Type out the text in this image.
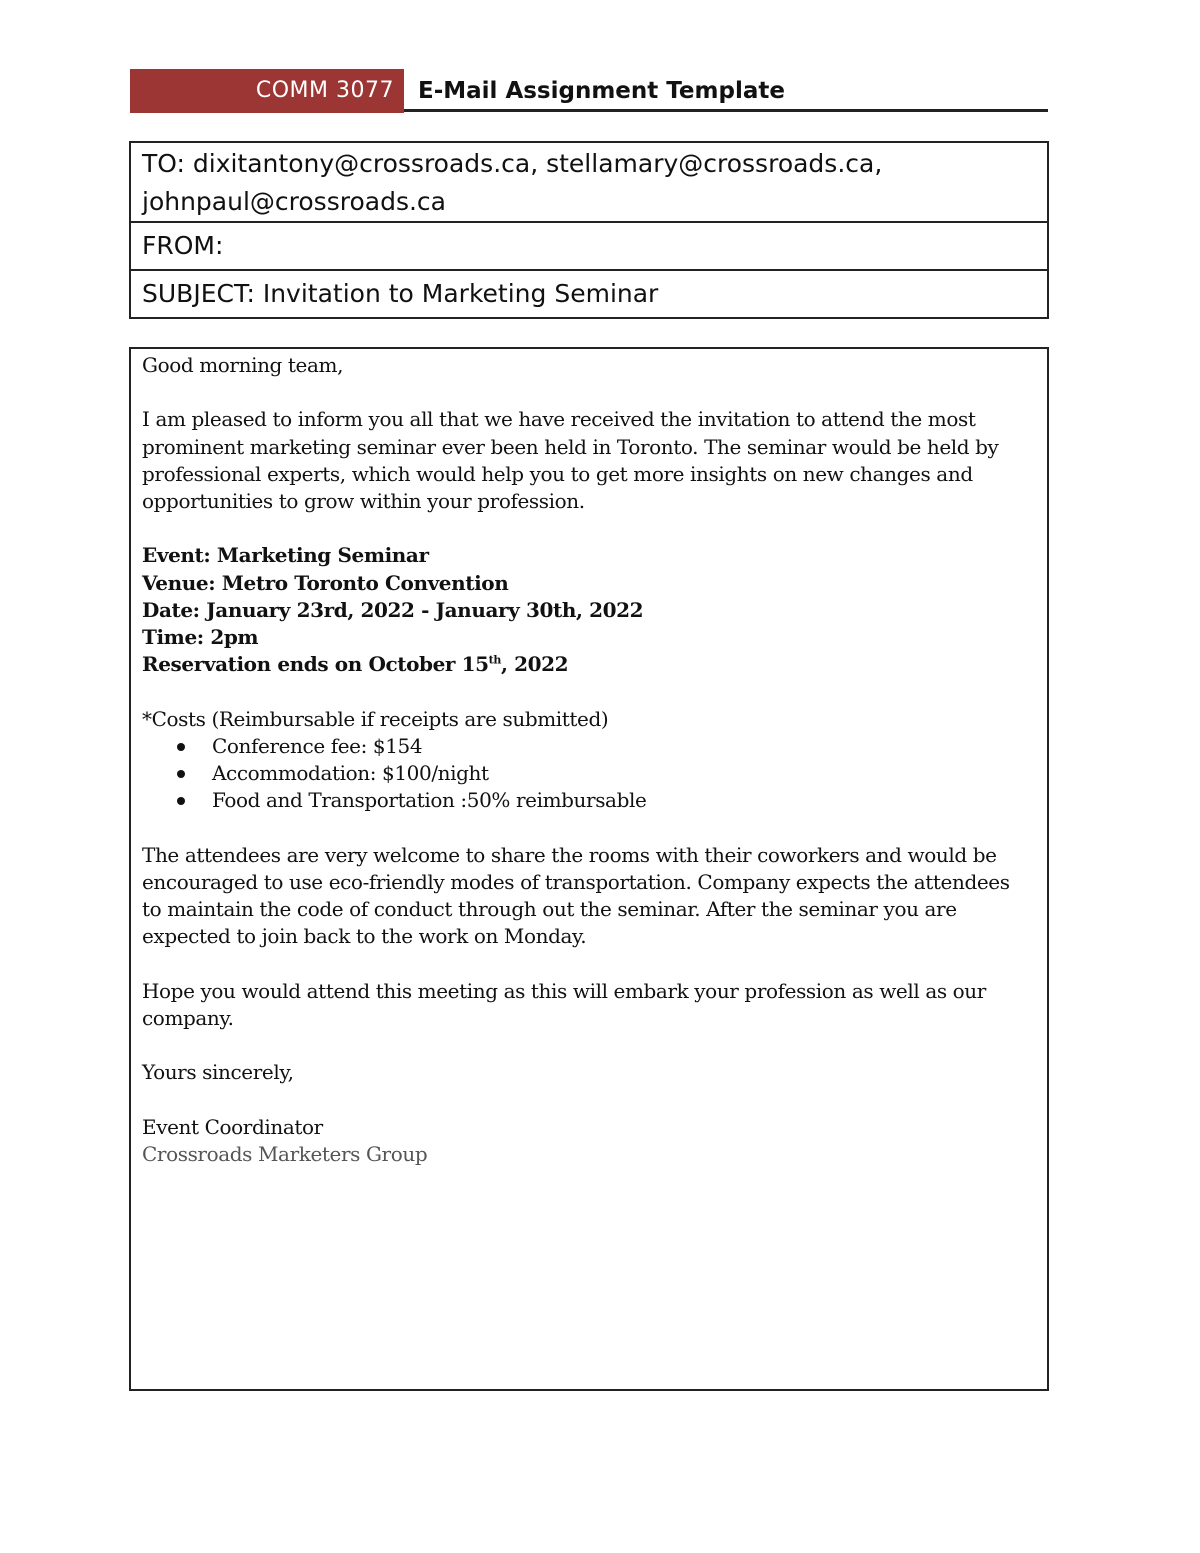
COMM 3077 E-Mail Assignment Template
TO: dixitantony@crossroads.ca, stellamary@crossroads.ca,
johnpaul@crossroads.ca
FROM:
SUBJECT: Invitation to Marketing Seminar

Good morning team,

I am pleased to inform you all that we have received the invitation to attend the most prominent marketing seminar ever been held in Toronto. The seminar would be held by professional experts, which would help you to get more insights on new changes and opportunities to grow within your profession.

Event: Marketing Seminar

Venue: Metro Toronto Convention

Date: January 23rd, 2022 - January 30th, 2022

Time: 2pm

Reservation ends on October 15th, 2022

*Costs (Reimbursable if receipts are submitted)
Conference fee: $154
Accommodation: $100/night
Food and Transportation :50% reimbursable

The attendees are very welcome to share the rooms with their coworkers and would be encouraged to use eco-friendly modes of transportation. Company expects the attendees to maintain the code of conduct through out the seminar. After the seminar you are expected to join back to the work on Monday.

Hope you would attend this meeting as this will embark your profession as well as our company.

Yours sincerely,

Event Coordinator
Crossroads Marketers Group
